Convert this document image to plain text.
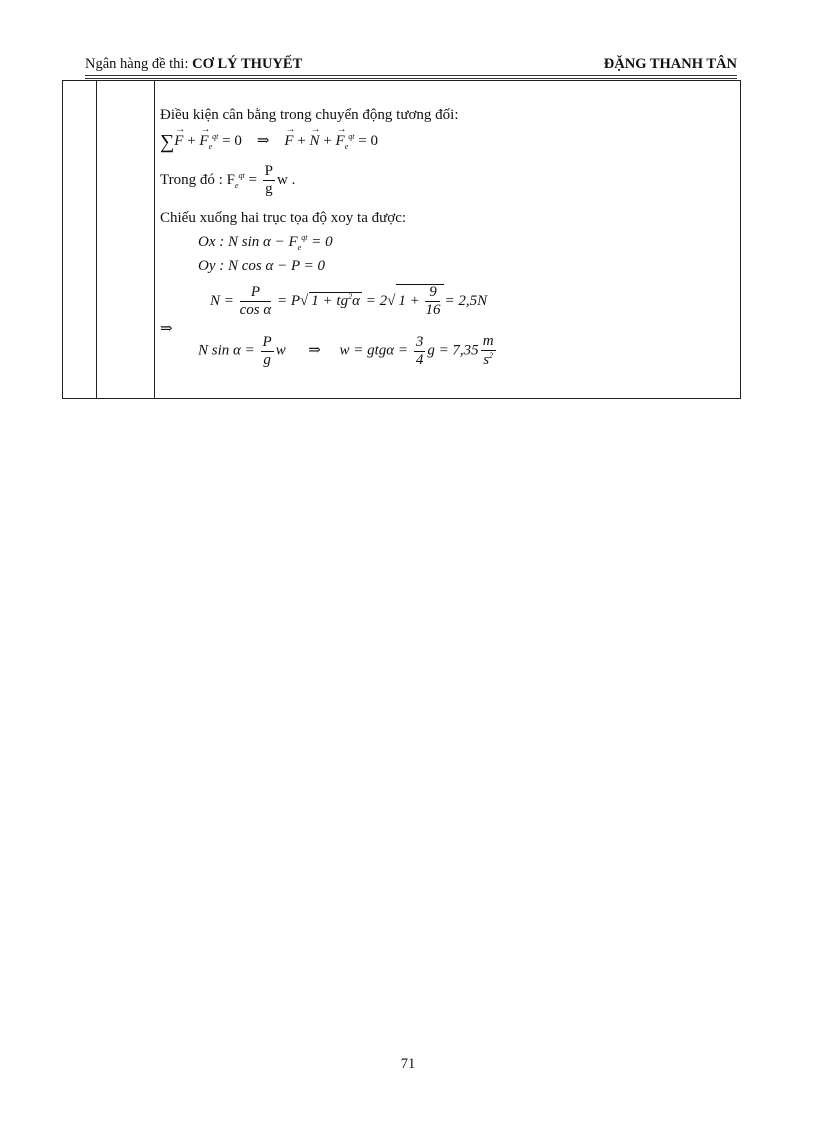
Ngân hàng đề thi: CƠ LÝ THUYẾT	ĐẶNG THANH TÂN
Điều kiện cân bằng trong chuyển động tương đối:
∑→ F + → $F_e^{qt} = 0$    ⇒    → F + → N + → $F_e^{qt} = 0$
Trong đó : $F_e^{qt} = \frac{P}{g}$ w .
Chiếu xuống hai trục tọa độ xoy ta được:
Ox : N $\sin \alpha - F_e^{qt} = 0$
Oy : N cos α − P = 0
$N = \frac{P}{\text{cos α}} = P√$ $1 + tg^2\alpha = 2√$ $1 + \frac{9}{16} = 2,5N$
⇒
N $\sin \alpha = \frac{P}{g}$ w      ⇒     $w = gtg\alpha = \frac{3}{4}$ $g = 7,35 \frac{m}{s^2}$
71
